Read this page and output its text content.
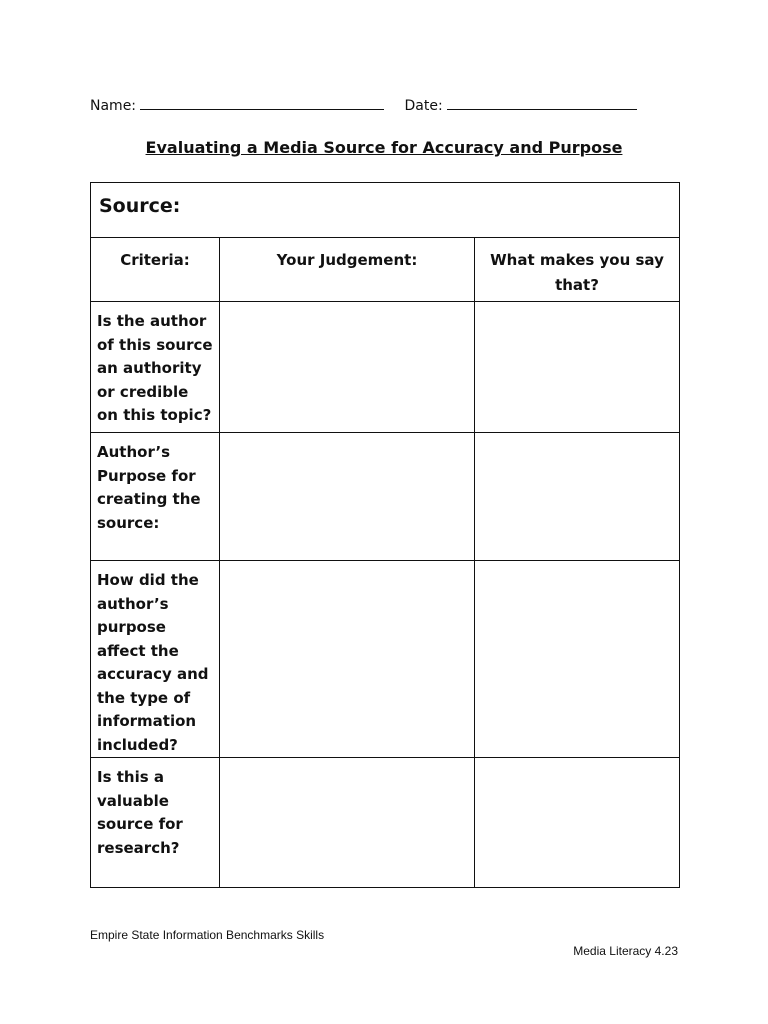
Name:	Date:
Evaluating a Media Source for Accuracy and Purpose
Source:		
Criteria:	Your Judgement:	What makes you say that?
Is the author of this source an authority or credible on this topic?		
Author’s Purpose for creating the source:		
How did the author’s purpose affect the accuracy and the type of information included?		
Is this a valuable source for research?		
Empire State Information Benchmarks Skills
Media Literacy 4.23
